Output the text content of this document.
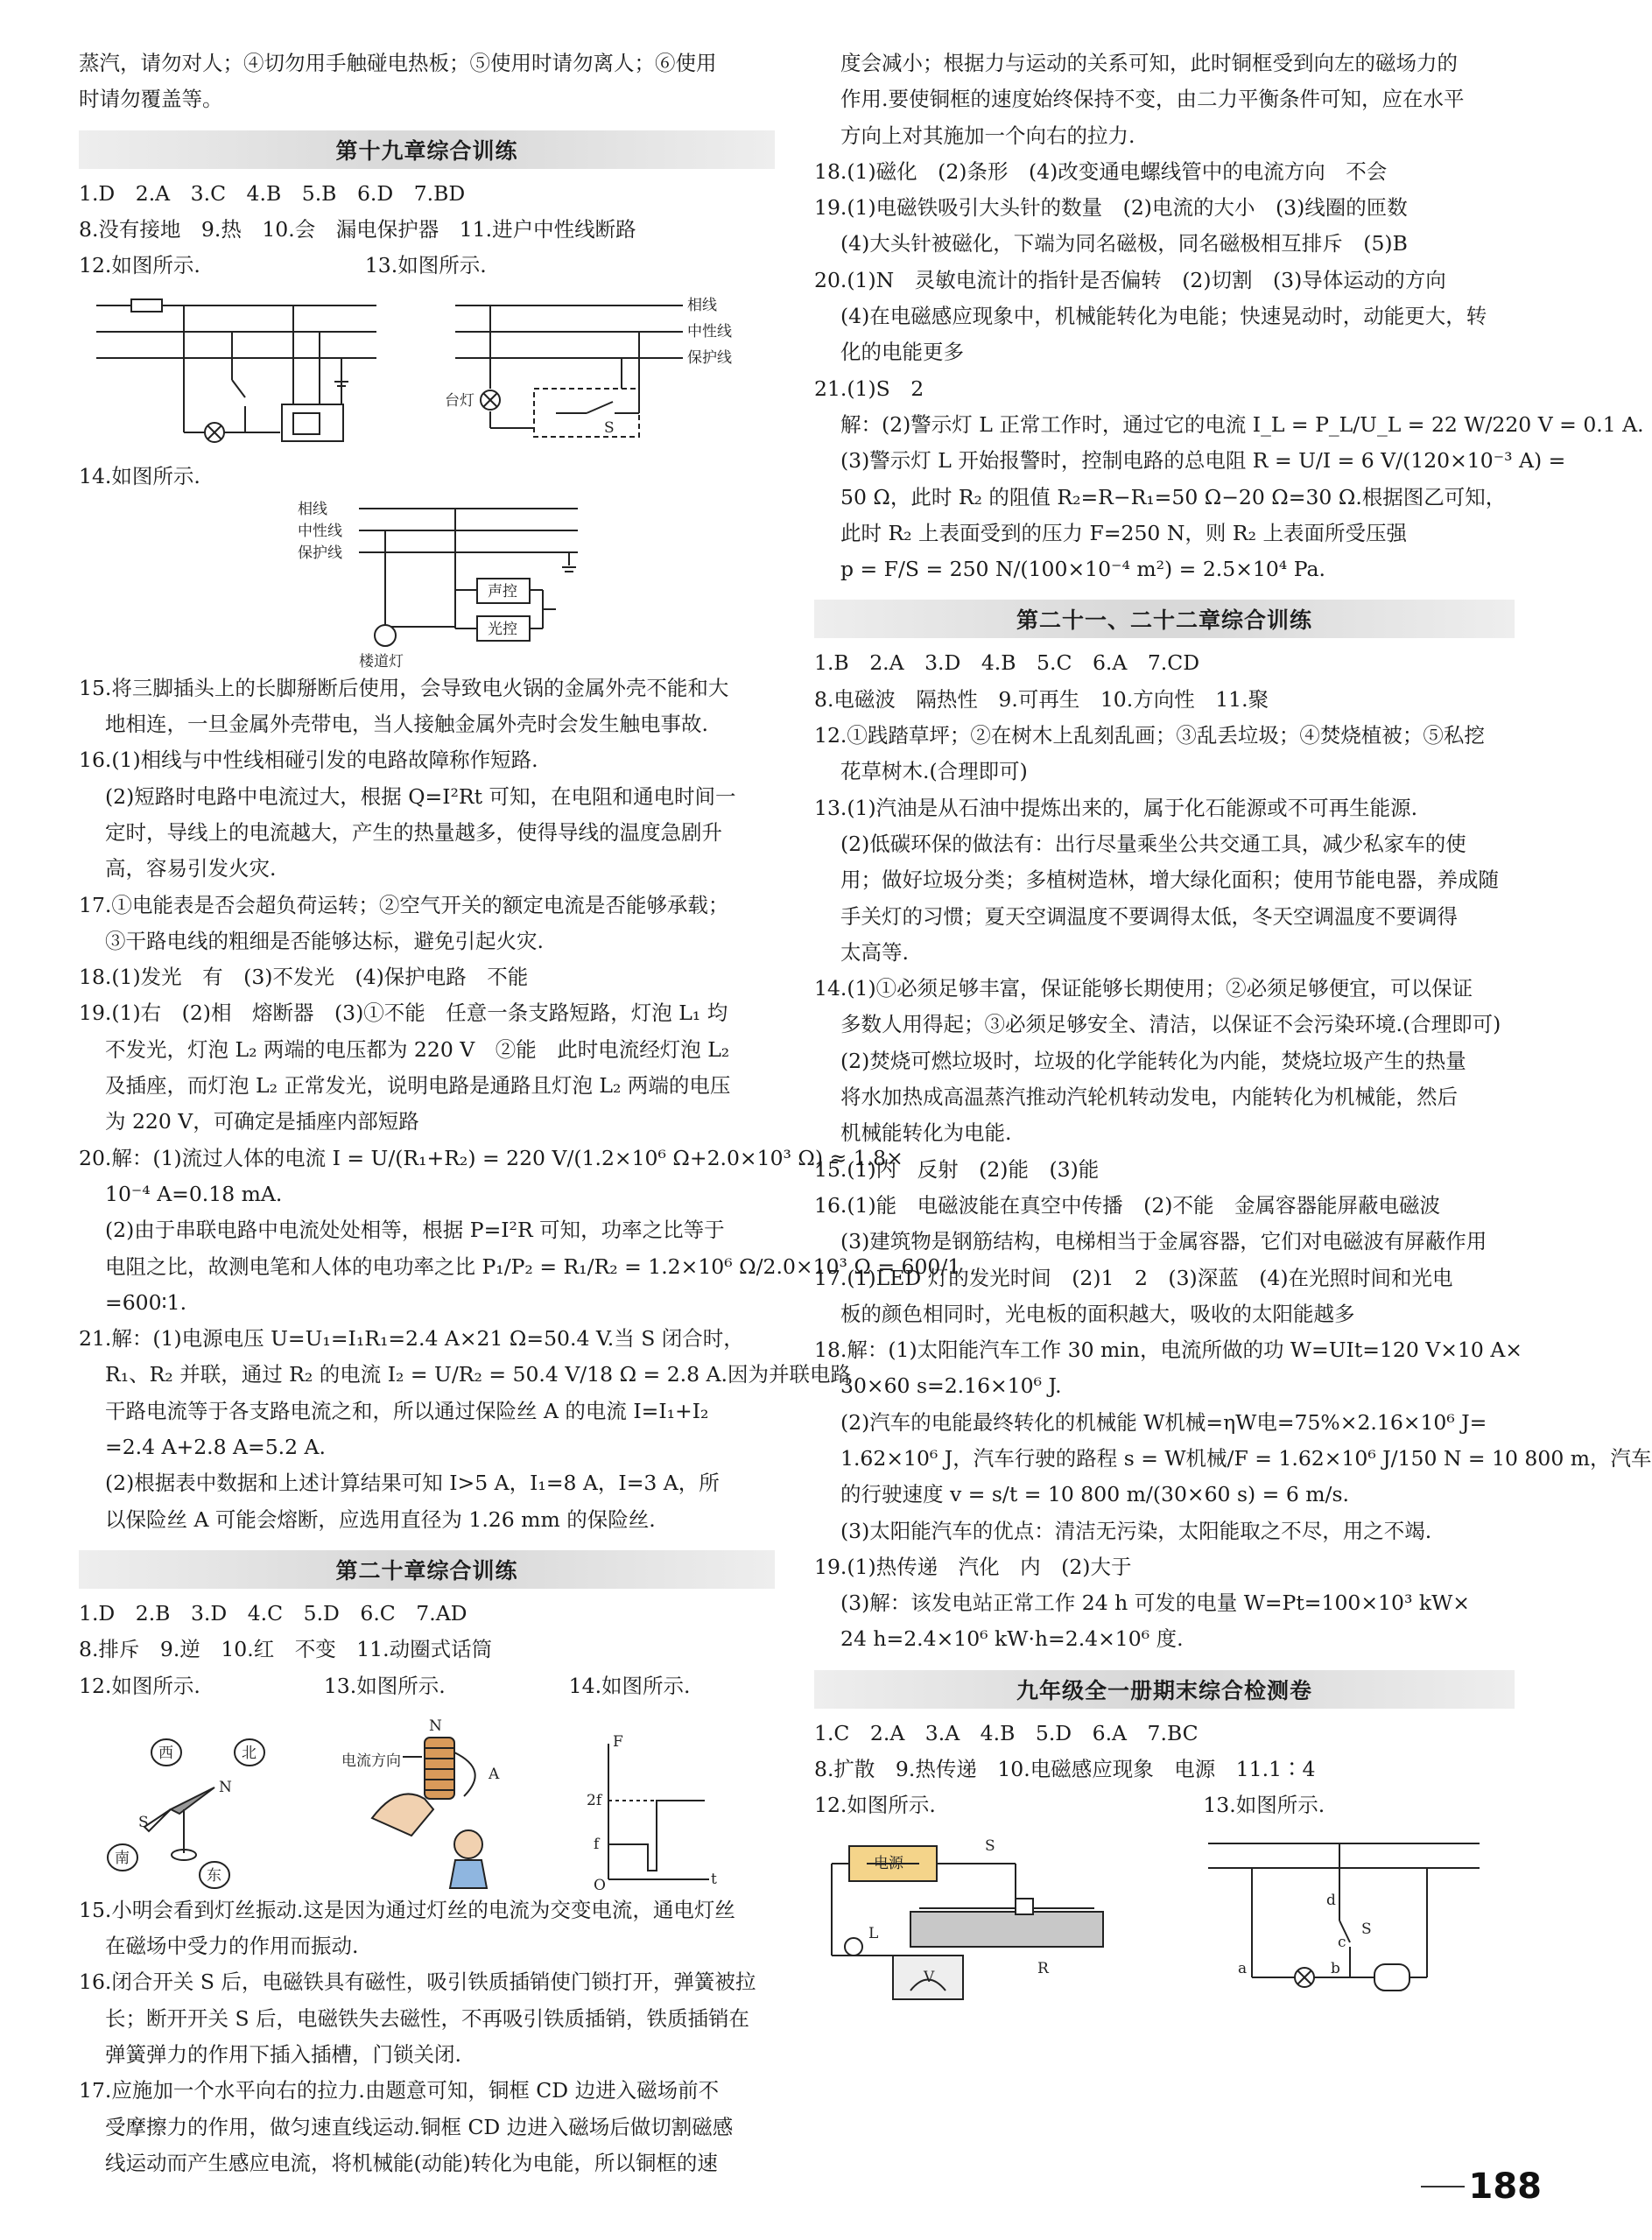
蒸汽，请勿对人；④切勿用手触碰电热板；⑤使用时请勿离人；⑥使用
时请勿覆盖等。
第十九章综合训练
1.D　2.A　3.C　4.B　5.B　6.D　7.BD
8.没有接地　9.热　10.会　漏电保护器　11.进户中性线断路
12.如图所示.　　　　　　　　13.如图所示.
相线
中性线
保护线
台灯
S
14.如图所示.
相线
中性线
保护线
声控
光控
楼道灯
15.将三脚插头上的长脚掰断后使用，会导致电火锅的金属外壳不能和大
地相连，一旦金属外壳带电，当人接触金属外壳时会发生触电事故.
16.(1)相线与中性线相碰引发的电路故障称作短路.
(2)短路时电路中电流过大，根据 Q=I²Rt 可知，在电阻和通电时间一
定时，导线上的电流越大，产生的热量越多，使得导线的温度急剧升
高，容易引发火灾.
17.①电能表是否会超负荷运转；②空气开关的额定电流是否能够承载；
③干路电线的粗细是否能够达标，避免引起火灾.
18.(1)发光　有　(3)不发光　(4)保护电路　不能
19.(1)右　(2)相　熔断器　(3)①不能　任意一条支路短路，灯泡 L₁ 均
不发光，灯泡 L₂ 两端的电压都为 220 V　②能　此时电流经灯泡 L₂
及插座，而灯泡 L₂ 正常发光，说明电路是通路且灯泡 L₂ 两端的电压
为 220 V，可确定是插座内部短路
20.解：(1)流过人体的电流 I = U/(R₁+R₂) = 220 V/(1.2×10⁶ Ω+2.0×10³ Ω) ≈ 1.8×
10⁻⁴ A=0.18 mA.
(2)由于串联电路中电流处处相等，根据 P=I²R 可知，功率之比等于
电阻之比，故测电笔和人体的电功率之比 P₁/P₂ = R₁/R₂ = 1.2×10⁶ Ω/2.0×10³ Ω = 600/1
=600∶1.
21.解：(1)电源电压 U=U₁=I₁R₁=2.4 A×21 Ω=50.4 V.当 S 闭合时，
R₁、R₂ 并联，通过 R₂ 的电流 I₂ = U/R₂ = 50.4 V/18 Ω = 2.8 A.因为并联电路
干路电流等于各支路电流之和，所以通过保险丝 A 的电流 I=I₁+I₂
=2.4 A+2.8 A=5.2 A.
(2)根据表中数据和上述计算结果可知 I>5 A，I₁=8 A，I=3 A，所
以保险丝 A 可能会熔断，应选用直径为 1.26 mm 的保险丝.
第二十章综合训练
1.D　2.B　3.D　4.C　5.D　6.C　7.AD
8.排斥　9.逆　10.红　不变　11.动圈式话筒
12.如图所示.　　　　　　13.如图所示.　　　　　　14.如图所示.
西	北
南
东
N
S
电流方向
N
A
F
2f
f
O	t
15.小明会看到灯丝振动.这是因为通过灯丝的电流为交变电流，通电灯丝
在磁场中受力的作用而振动.
16.闭合开关 S 后，电磁铁具有磁性，吸引铁质插销使门锁打开，弹簧被拉
长；断开开关 S 后，电磁铁失去磁性，不再吸引铁质插销，铁质插销在
弹簧弹力的作用下插入插槽，门锁关闭.
17.应施加一个水平向右的拉力.由题意可知，铜框 CD 边进入磁场前不
受摩擦力的作用，做匀速直线运动.铜框 CD 边进入磁场后做切割磁感
线运动而产生感应电流，将机械能(动能)转化为电能，所以铜框的速
度会减小；根据力与运动的关系可知，此时铜框受到向左的磁场力的
作用.要使铜框的速度始终保持不变，由二力平衡条件可知，应在水平
方向上对其施加一个向右的拉力.
18.(1)磁化　(2)条形　(4)改变通电螺线管中的电流方向　不会
19.(1)电磁铁吸引大头针的数量　(2)电流的大小　(3)线圈的匝数
(4)大头针被磁化，下端为同名磁极，同名磁极相互排斥　(5)B
20.(1)N　灵敏电流计的指针是否偏转　(2)切割　(3)导体运动的方向
(4)在电磁感应现象中，机械能转化为电能；快速晃动时，动能更大，转
化的电能更多
21.(1)S　2
解：(2)警示灯 L 正常工作时，通过它的电流 I_L = P_L/U_L = 22 W/220 V = 0.1 A.
(3)警示灯 L 开始报警时，控制电路的总电阻 R = U/I = 6 V/(120×10⁻³ A) =
50 Ω，此时 R₂ 的阻值 R₂=R−R₁=50 Ω−20 Ω=30 Ω.根据图乙可知，
此时 R₂ 上表面受到的压力 F=250 N，则 R₂ 上表面所受压强
p = F/S = 250 N/(100×10⁻⁴ m²) = 2.5×10⁴ Pa.
第二十一、二十二章综合训练
1.B　2.A　3.D　4.B　5.C　6.A　7.CD
8.电磁波　隔热性　9.可再生　10.方向性　11.聚
12.①践踏草坪；②在树木上乱刻乱画；③乱丢垃圾；④焚烧植被；⑤私挖
花草树木.(合理即可)
13.(1)汽油是从石油中提炼出来的，属于化石能源或不可再生能源.
(2)低碳环保的做法有：出行尽量乘坐公共交通工具，减少私家车的使
用；做好垃圾分类；多植树造林，增大绿化面积；使用节能电器，养成随
手关灯的习惯；夏天空调温度不要调得太低，冬天空调温度不要调得
太高等.
14.(1)①必须足够丰富，保证能够长期使用；②必须足够便宜，可以保证
多数人用得起；③必须足够安全、清洁，以保证不会污染环境.(合理即可)
(2)焚烧可燃垃圾时，垃圾的化学能转化为内能，焚烧垃圾产生的热量
将水加热成高温蒸汽推动汽轮机转动发电，内能转化为机械能，然后
机械能转化为电能.
15.(1)内　反射　(2)能　(3)能
16.(1)能　电磁波能在真空中传播　(2)不能　金属容器能屏蔽电磁波
(3)建筑物是钢筋结构，电梯相当于金属容器，它们对电磁波有屏蔽作用
17.(1)LED 灯的发光时间　(2)1　2　(3)深蓝　(4)在光照时间和光电
板的颜色相同时，光电板的面积越大，吸收的太阳能越多
18.解：(1)太阳能汽车工作 30 min，电流所做的功 W=UIt=120 V×10 A×
30×60 s=2.16×10⁶ J.
(2)汽车的电能最终转化的机械能 W机械=ηW电=75%×2.16×10⁶ J=
1.62×10⁶ J，汽车行驶的路程 s = W机械/F = 1.62×10⁶ J/150 N = 10 800 m，汽车
的行驶速度 v = s/t = 10 800 m/(30×60 s) = 6 m/s.
(3)太阳能汽车的优点：清洁无污染，太阳能取之不尽，用之不竭.
19.(1)热传递　汽化　内　(2)大于
(3)解：该发电站正常工作 24 h 可发的电量 W=Pt=100×10³ kW×
24 h=2.4×10⁶ kW·h=2.4×10⁶ 度.
九年级全一册期末综合检测卷
1.C　2.A　3.A　4.B　5.D　6.A　7.BC
8.扩散　9.热传递　10.电磁感应现象　电源　11.1∶4
12.如图所示.　　　　　　　　　　　　　13.如图所示.
电源
S
L
R
V
S
a	b
c
d
188
